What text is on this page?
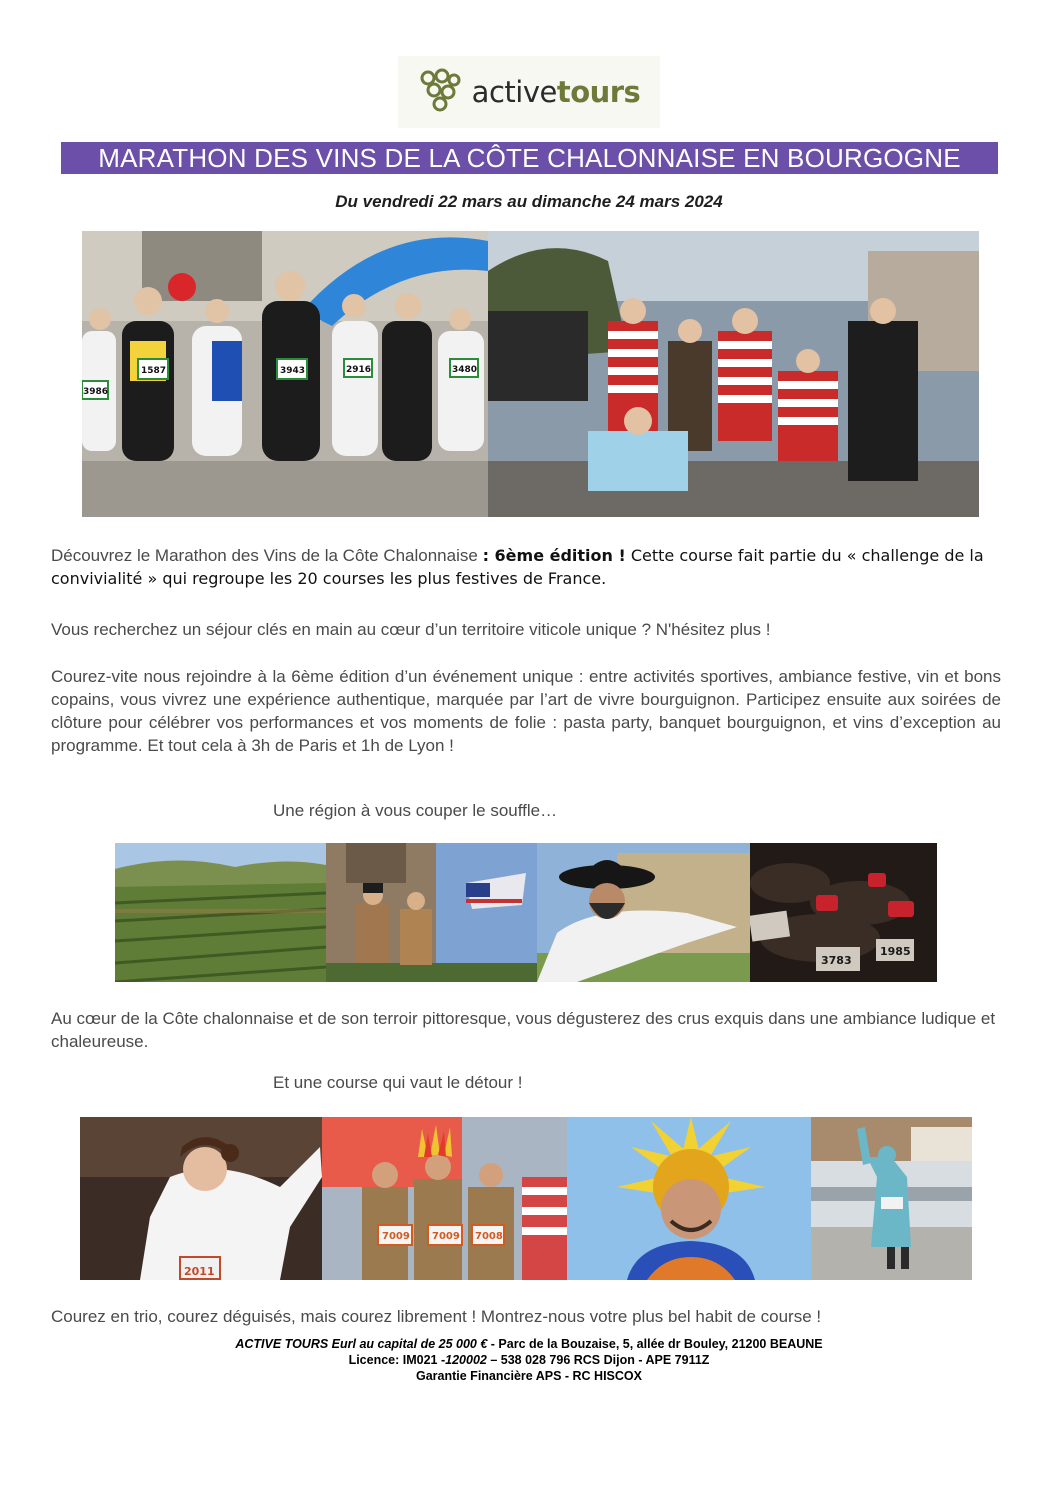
activetours
MARATHON DES VINS DE LA CÔTE CHALONNAISE EN BOURGOGNE
Du vendredi 22 mars au dimanche 24 mars 2024
1587	3943
3986
2916	3480
Découvrez le Marathon des Vins de la Côte Chalonnaise : 6ème édition ! Cette course fait partie du « challenge de la convivialité » qui regroupe les 20 courses les plus festives de France.
Vous recherchez un séjour clés en main au cœur d’un territoire viticole unique ? N'hésitez plus !
Courez-vite nous rejoindre à la 6ème édition d’un événement unique : entre activités sportives, ambiance festive, vin et bons copains, vous vivrez une expérience authentique, marquée par l’art de vivre bourguignon. Participez ensuite aux soirées de clôture pour célébrer vos performances et vos moments de folie : pasta party, banquet bourguignon, et vins d’exception au programme. Et tout cela à 3h de Paris et 1h de Lyon !
Une région à vous couper le souffle…
3783
1985
Au cœur de la Côte chalonnaise et de son terroir pittoresque, vous dégusterez des crus exquis dans une ambiance ludique et chaleureuse.
Et une course qui vaut le détour !
2011
7009 7009 7008
Courez en trio, courez déguisés, mais courez librement ! Montrez-nous votre plus bel habit de course !
ACTIVE TOURS Eurl au capital de 25 000 € - Parc de la Bouzaise, 5, allée dr Bouley, 21200 BEAUNE
Licence: IM021 -120002 – 538 028 796 RCS Dijon - APE 7911Z
Garantie Financière APS - RC HISCOX
